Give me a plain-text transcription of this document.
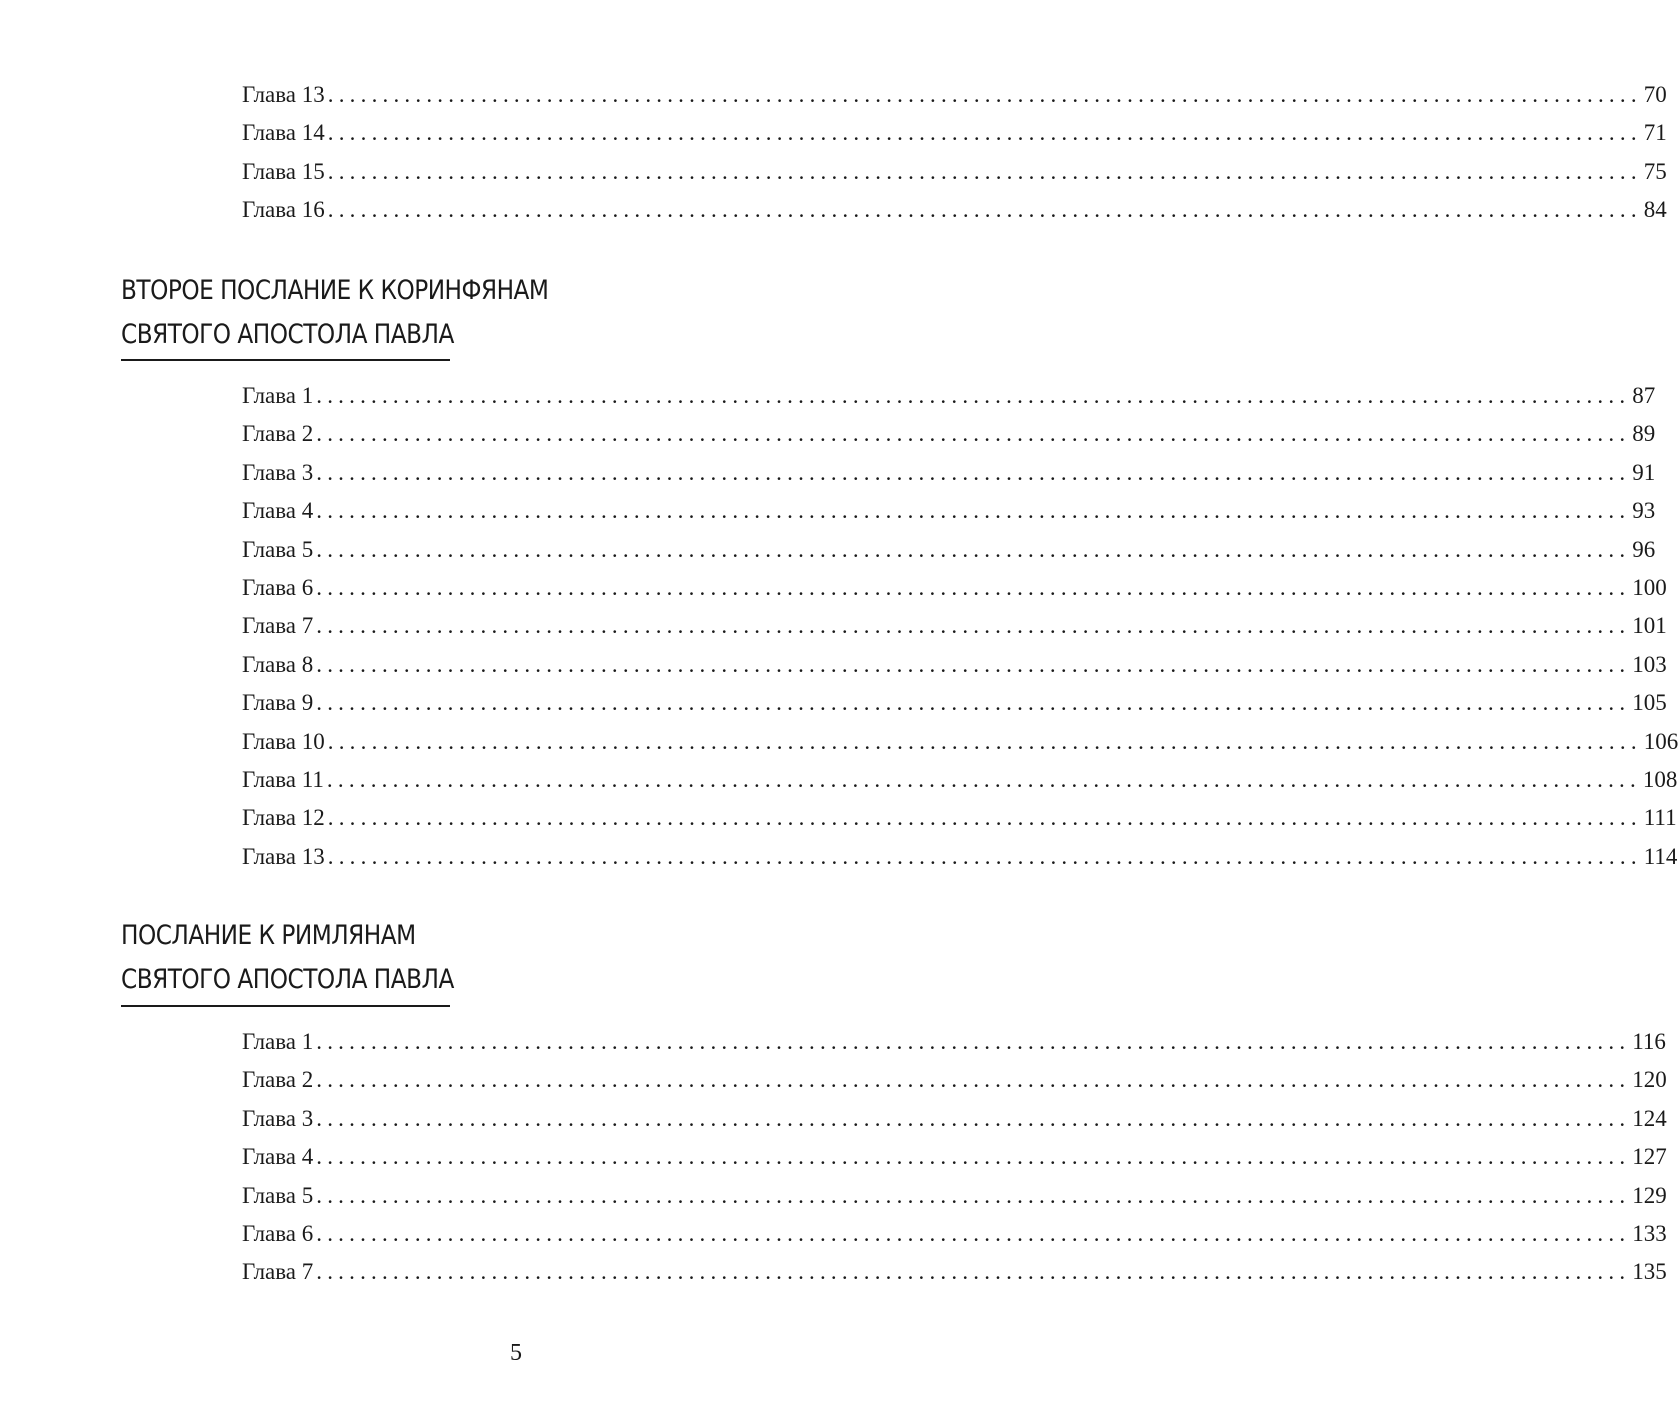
Глава 13 ........................................................................................................................ 70
Глава 14 ........................................................................................................................ 71
Глава 15 ........................................................................................................................ 75
Глава 16 ........................................................................................................................ 84
ВТОРОЕ ПОСЛАНИЕ К КОРИНФЯНАМ
СВЯТОГО АПОСТОЛА ПАВЛА
Глава 1 ........................................................................................................................ 87
Глава 2 ........................................................................................................................ 89
Глава 3 ........................................................................................................................ 91
Глава 4 ........................................................................................................................ 93
Глава 5 ........................................................................................................................ 96
Глава 6 ........................................................................................................................ 100
Глава 7 ........................................................................................................................ 101
Глава 8 ........................................................................................................................ 103
Глава 9 ........................................................................................................................ 105
Глава 10 ........................................................................................................................ 106
Глава 11 ........................................................................................................................ 108
Глава 12 ........................................................................................................................ 111
Глава 13 ........................................................................................................................ 114
ПОСЛАНИЕ К РИМЛЯНАМ
СВЯТОГО АПОСТОЛА ПАВЛА
Глава 1 ........................................................................................................................ 116
Глава 2 ........................................................................................................................ 120
Глава 3 ........................................................................................................................ 124
Глава 4 ........................................................................................................................ 127
Глава 5 ........................................................................................................................ 129
Глава 6 ........................................................................................................................ 133
Глава 7 ........................................................................................................................ 135
5
